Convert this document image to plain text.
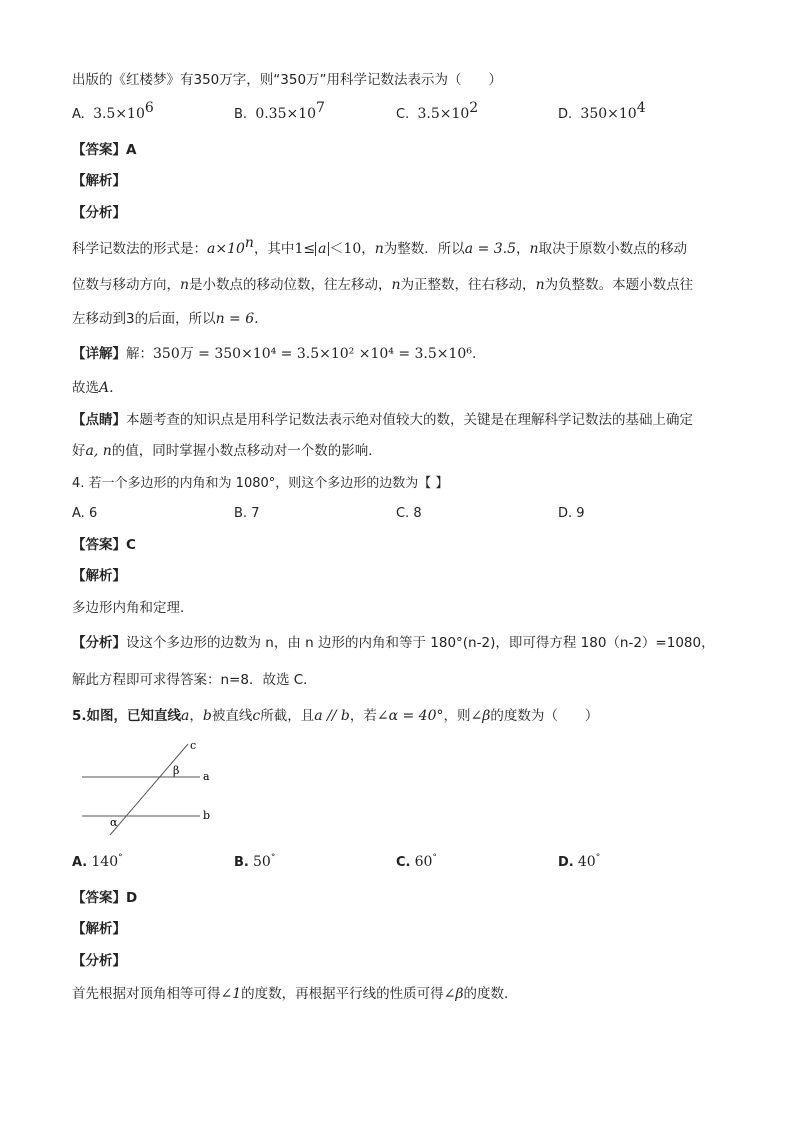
出版的《红楼梦》有350万字，则“350万”用科学记数法表示为（　　）
A. $3.5\times 10^6$	B. $0.35\times 10^7$	C. $3.5\times 10^2$	D. $350\times 10^4$
【答案】A
【解析】
【分析】
科学记数法的形式是：$a\times 10^n$，其中1≤ a ＜10，n为整数．所以a = 3.5，n取决于原数小数点的移动
位数与移动方向，n是小数点的移动位数，往左移动，n为正整数，往右移动，n为负整数。本题小数点往
左移动到3的后面，所以n = 6.
【详解】解：350万 = 350×10⁴ = 3.5×10² ×10⁴ = 3.5×10⁶.
故选A.
【点睛】本题考查的知识点是用科学记数法表示绝对值较大的数，关键是在理解科学记数法的基础上确定
好a, n的值，同时掌握小数点移动对一个数的影响．
4. 若一个多边形的内角和为 1080°，则这个多边形的边数为【 】
A. 6	B. 7	C. 8	D. 9
【答案】C
【解析】
多边形内角和定理．
【分析】设这个多边形的边数为 n，由 n 边形的内角和等于 180°(n-2)，即可得方程 180（n-2）=1080，
解此方程即可求得答案：n=8．故选 C．
5.如图，已知直线a，b被直线c所截，且a // b，若∠α = 40°，则∠β的度数为（　　）
c
β a
b
α
A. 140°	B. 50°	C. 60°	D. 40°
【答案】D
【解析】
【分析】
首先根据对顶角相等可得∠1的度数，再根据平行线的性质可得∠β的度数．
